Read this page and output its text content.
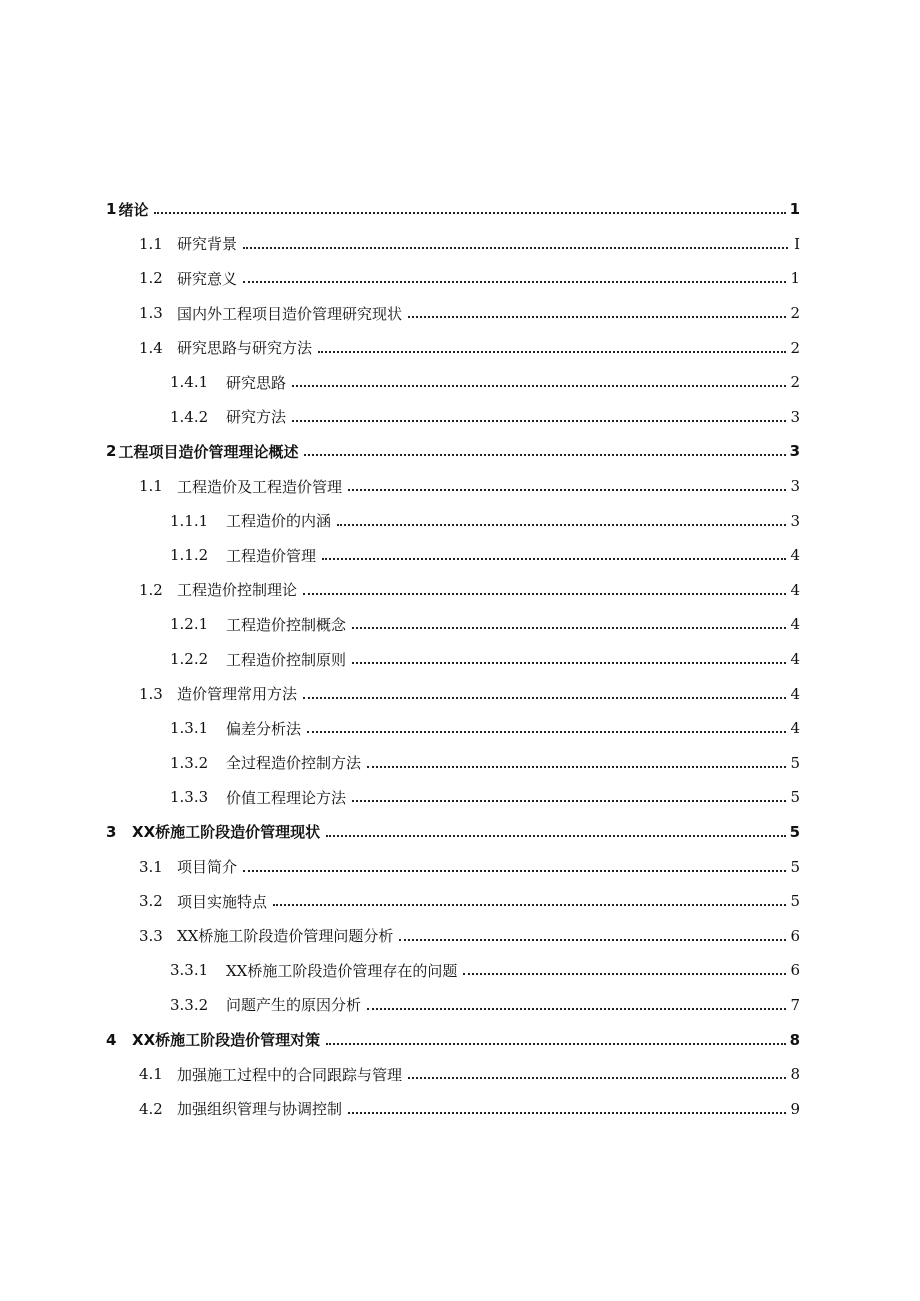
1 绪论	1
1.1 研究背景	I
1.2 研究意义	1
1.3 国内外工程项目造价管理研究现状	2
1.4 研究思路与研究方法	2
1.4.1	研究思路	2
1.4.2	研究方法	3
2 工程项目造价管理理论概述	3
1.1 工程造价及工程造价管理	3
1.1.1	工程造价的内涵	3
1.1.2	工程造价管理	4
1.2 工程造价控制理论	4
1.2.1	工程造价控制概念	4
1.2.2	工程造价控制原则	4
1.3 造价管理常用方法	4
1.3.1	偏差分析法	4
1.3.2	全过程造价控制方法	5
1.3.3	价值工程理论方法	5
3	XX桥施工阶段造价管理现状	5
3.1 项目简介	5
3.2 项目实施特点	5
3.3 XX桥施工阶段造价管理问题分析	6
3.3.1	XX桥施工阶段造价管理存在的问题	6
3.3.2	问题产生的原因分析	7
4	XX桥施工阶段造价管理对策	8
4.1 加强施工过程中的合同跟踪与管理	8
4.2 加强组织管理与协调控制	9
